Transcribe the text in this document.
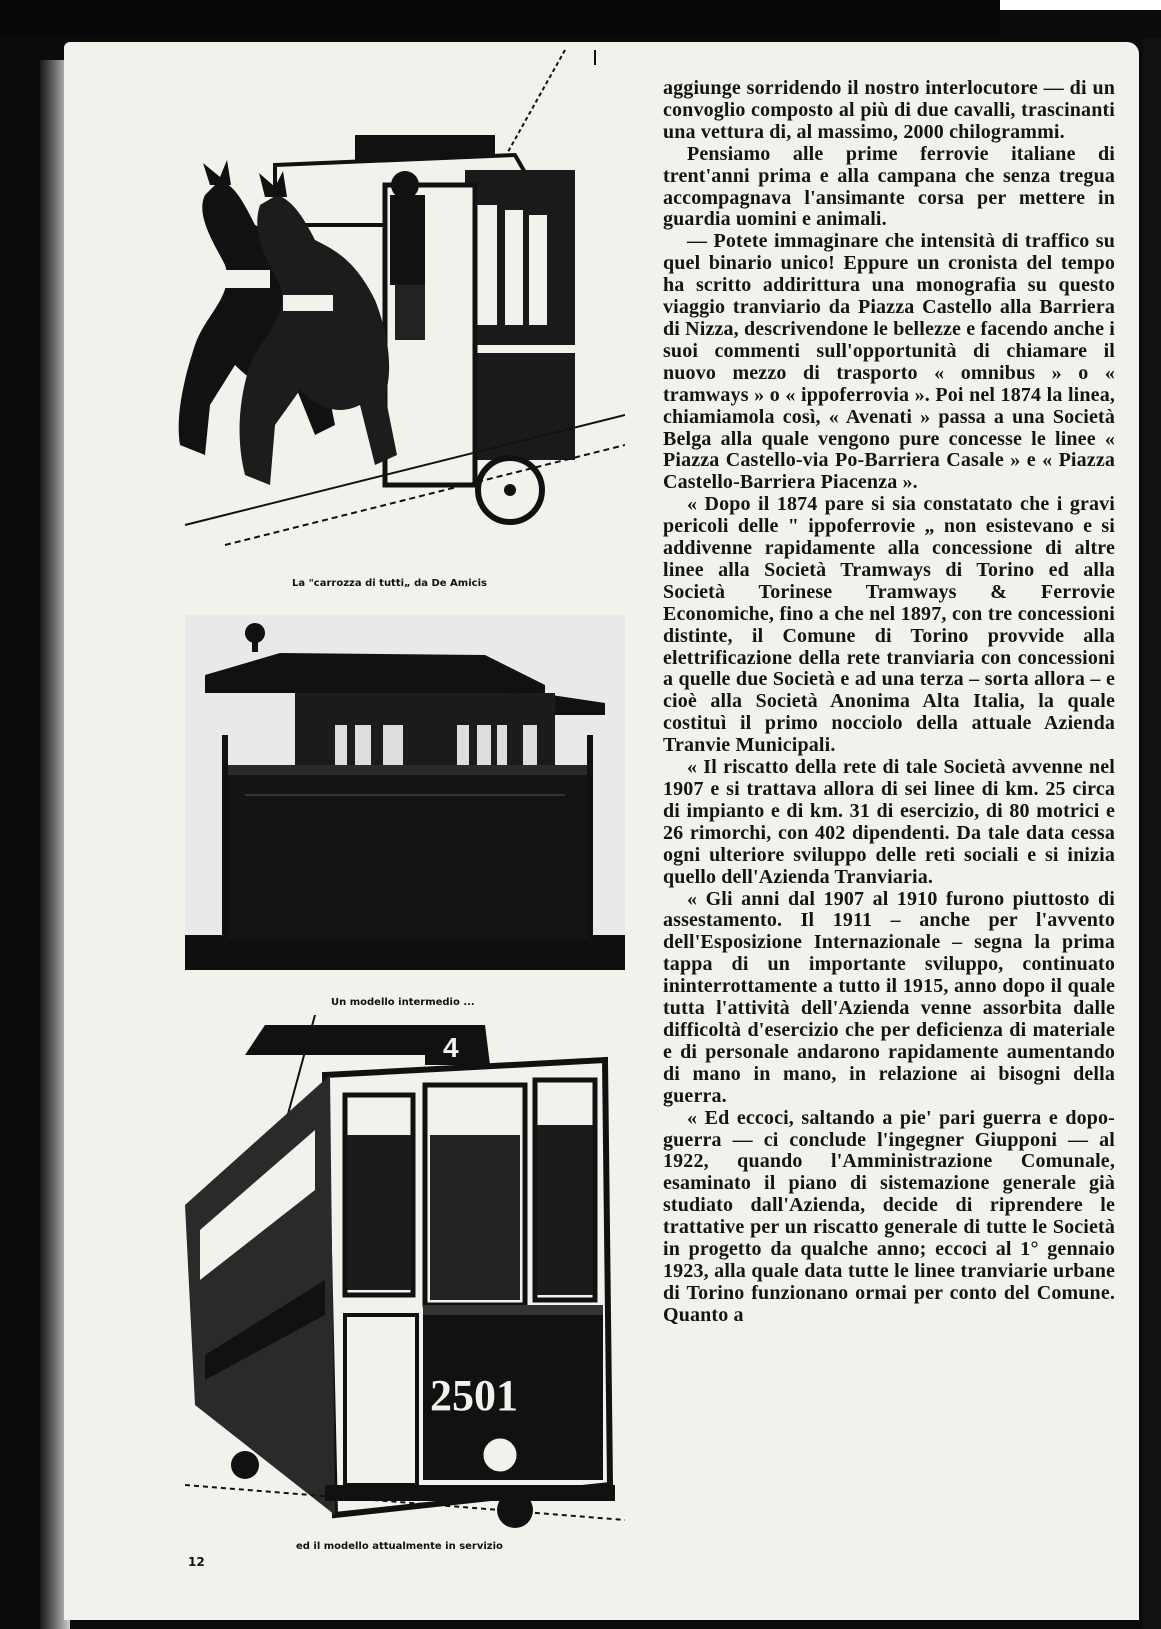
La "carrozza di tutti„ da De Amicis
Un modello intermedio ...
4
2501
ed il modello attualmente in servizio
12

aggiunge sorridendo il nostro interlocutore — di un convoglio composto al più di due cavalli, trascinanti una vettura di, al massimo, 2000 chilogrammi.

Pensiamo alle prime ferrovie italiane di trent'anni prima e alla campana che senza tregua accompagnava l'ansimante corsa per mettere in guardia uomini e animali.

— Potete immaginare che intensità di traffico su quel binario unico! Eppure un cronista del tempo ha scritto addirittura una monografia su questo viaggio tranviario da Piazza Castello alla Barriera di Nizza, descrivendone le bellezze e facendo anche i suoi commenti sull'opportunità di chiamare il nuovo mezzo di trasporto « omnibus » o « tramways » o « ippoferrovia ». Poi nel 1874 la linea, chiamiamola così, « Avenati » passa a una Società Belga alla quale vengono pure concesse le linee « Piazza Castello-via Po-Barriera Casale » e « Piazza Castello-Barriera Piacenza ».

« Dopo il 1874 pare si sia constatato che i gravi pericoli delle " ippoferrovie „ non esistevano e si addivenne rapidamente alla concessione di altre linee alla Società Tramways di Torino ed alla Società Torinese Tramways & Ferrovie Economiche, fino a che nel 1897, con tre concessioni distinte, il Comune di Torino provvide alla elettrificazione della rete tranviaria con concessioni a quelle due Società e ad una terza – sorta allora – e cioè alla Società Anonima Alta Italia, la quale costituì il primo nocciolo della attuale Azienda Tranvie Municipali.

« Il riscatto della rete di tale Società avvenne nel 1907 e si trattava allora di sei linee di km. 25 circa di impianto e di km. 31 di esercizio, di 80 motrici e 26 rimorchi, con 402 dipendenti. Da tale data cessa ogni ulteriore sviluppo delle reti sociali e si inizia quello dell'Azienda Tranviaria.

« Gli anni dal 1907 al 1910 furono piuttosto di assestamento. Il 1911 – anche per l'avvento dell'Esposizione Internazionale – segna la prima tappa di un importante sviluppo, continuato ininterrottamente a tutto il 1915, anno dopo il quale tutta l'attività dell'Azienda venne assorbita dalle difficoltà d'esercizio che per deficienza di materiale e di personale andarono rapidamente aumentando di mano in mano, in relazione ai bisogni della guerra.

« Ed eccoci, saltando a pie' pari guerra e dopo-guerra — ci conclude l'ingegner Giupponi — al 1922, quando l'Amministrazione Comunale, esaminato il piano di sistemazione generale già studiato dall'Azienda, decide di riprendere le trattative per un riscatto generale di tutte le Società in progetto da qualche anno; eccoci al 1° gennaio 1923, alla quale data tutte le linee tranviarie urbane di Torino funzionano ormai per conto del Comune. Quanto a
